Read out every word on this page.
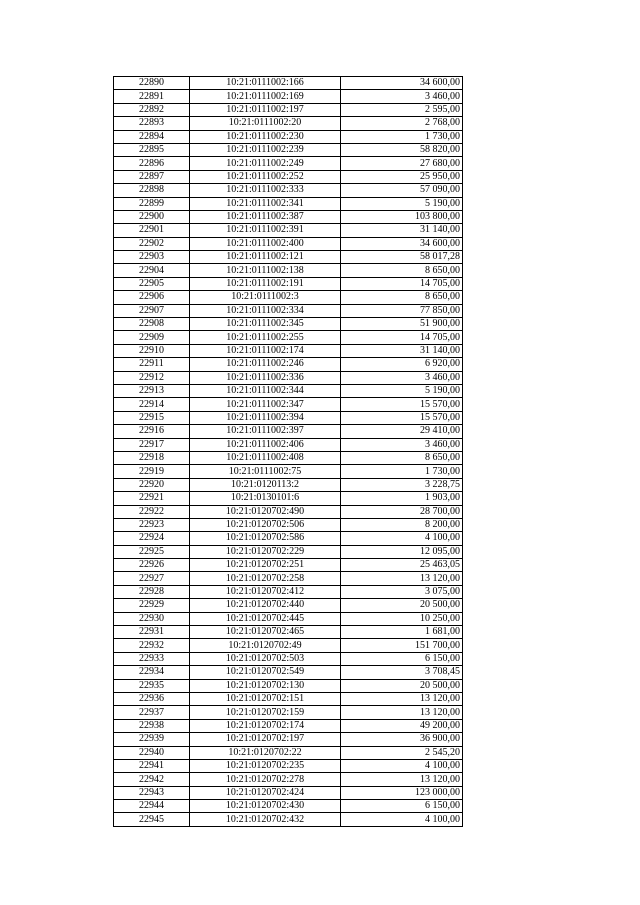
22890	10:21:0111002:166	34 600,00
22891	10:21:0111002:169	3 460,00
22892	10:21:0111002:197	2 595,00
22893	10:21:0111002:20	2 768,00
22894	10:21:0111002:230	1 730,00
22895	10:21:0111002:239	58 820,00
22896	10:21:0111002:249	27 680,00
22897	10:21:0111002:252	25 950,00
22898	10:21:0111002:333	57 090,00
22899	10:21:0111002:341	5 190,00
22900	10:21:0111002:387	103 800,00
22901	10:21:0111002:391	31 140,00
22902	10:21:0111002:400	34 600,00
22903	10:21:0111002:121	58 017,28
22904	10:21:0111002:138	8 650,00
22905	10:21:0111002:191	14 705,00
22906	10:21:0111002:3	8 650,00
22907	10:21:0111002:334	77 850,00
22908	10:21:0111002:345	51 900,00
22909	10:21:0111002:255	14 705,00
22910	10:21:0111002:174	31 140,00
22911	10:21:0111002:246	6 920,00
22912	10:21:0111002:336	3 460,00
22913	10:21:0111002:344	5 190,00
22914	10:21:0111002:347	15 570,00
22915	10:21:0111002:394	15 570,00
22916	10:21:0111002:397	29 410,00
22917	10:21:0111002:406	3 460,00
22918	10:21:0111002:408	8 650,00
22919	10:21:0111002:75	1 730,00
22920	10:21:0120113:2	3 228,75
22921	10:21:0130101:6	1 903,00
22922	10:21:0120702:490	28 700,00
22923	10:21:0120702:506	8 200,00
22924	10:21:0120702:586	4 100,00
22925	10:21:0120702:229	12 095,00
22926	10:21:0120702:251	25 463,05
22927	10:21:0120702:258	13 120,00
22928	10:21:0120702:412	3 075,00
22929	10:21:0120702:440	20 500,00
22930	10:21:0120702:445	10 250,00
22931	10:21:0120702:465	1 681,00
22932	10:21:0120702:49	151 700,00
22933	10:21:0120702:503	6 150,00
22934	10:21:0120702:549	3 708,45
22935	10:21:0120702:130	20 500,00
22936	10:21:0120702:151	13 120,00
22937	10:21:0120702:159	13 120,00
22938	10:21:0120702:174	49 200,00
22939	10:21:0120702:197	36 900,00
22940	10:21:0120702:22	2 545,20
22941	10:21:0120702:235	4 100,00
22942	10:21:0120702:278	13 120,00
22943	10:21:0120702:424	123 000,00
22944	10:21:0120702:430	6 150,00
22945	10:21:0120702:432	4 100,00
